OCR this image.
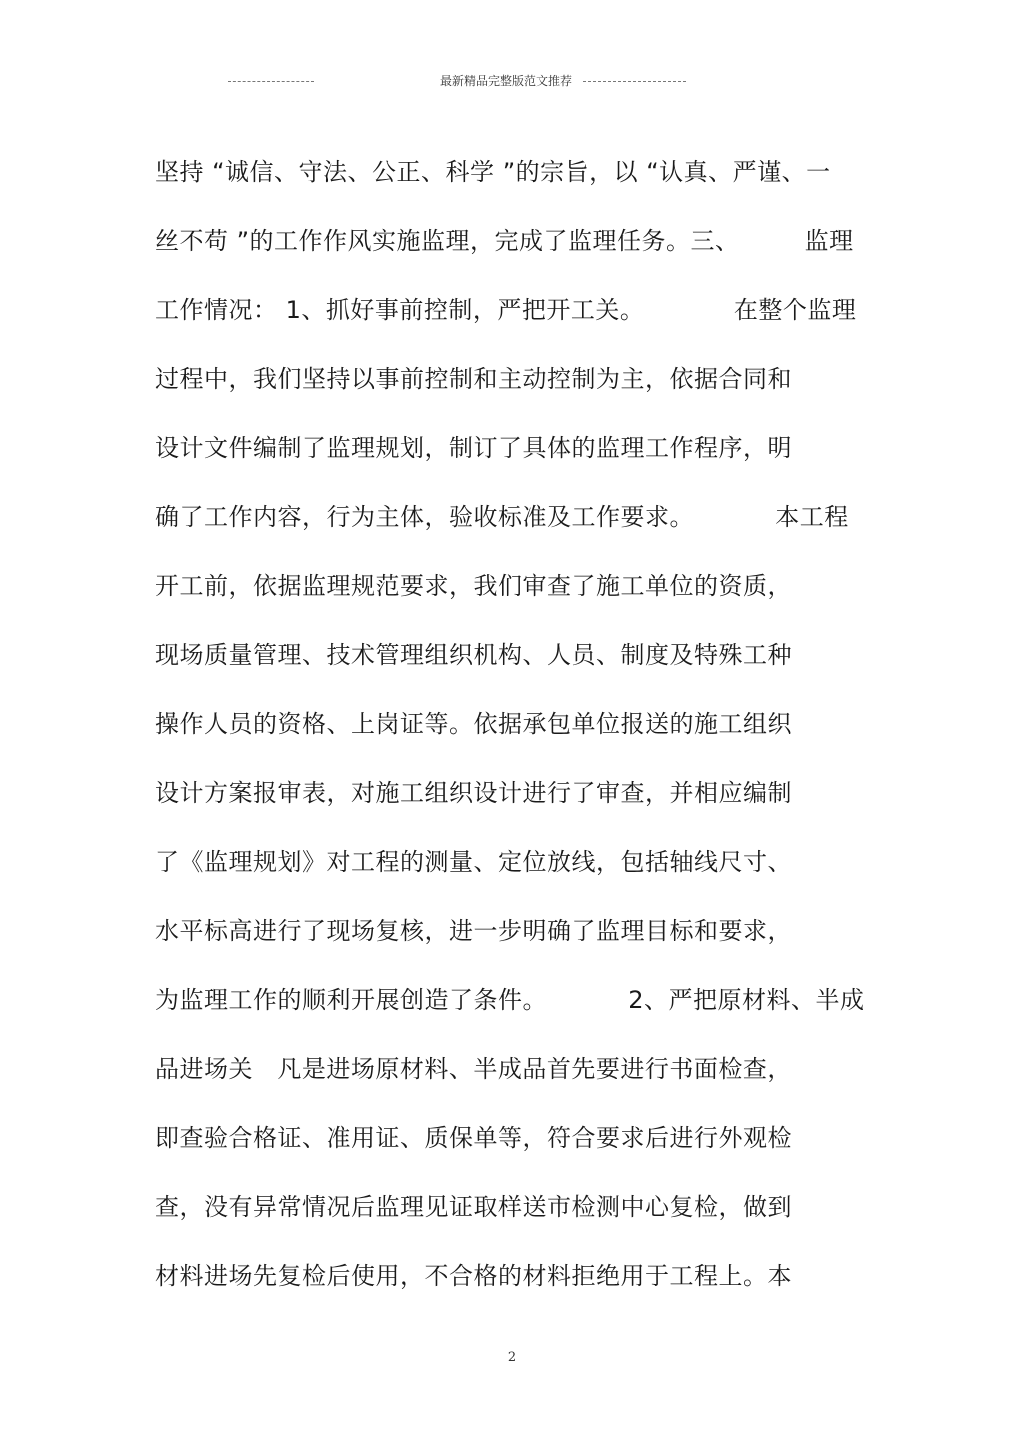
最新精品完整版范文推荐
坚持 “诚信、守法、公正、科学 ”的宗旨，以 “认真、严谨、一
丝不苟 ”的工作作风实施监理，完成了监理任务。三、        监理
工作情况： 1、抓好事前控制，严把开工关。           在整个监理
过程中，我们坚持以事前控制和主动控制为主，依据合同和
设计文件编制了监理规划，制订了具体的监理工作程序，明
确了工作内容，行为主体，验收标准及工作要求。          本工程
开工前，依据监理规范要求，我们审查了施工单位的资质，
现场质量管理、技术管理组织机构、人员、制度及特殊工种
操作人员的资格、上岗证等。依据承包单位报送的施工组织
设计方案报审表，对施工组织设计进行了审查，并相应编制
了《监理规划》对工程的测量、定位放线，包括轴线尺寸、
水平标高进行了现场复核，进一步明确了监理目标和要求，
为监理工作的顺利开展创造了条件。          2、严把原材料、半成
品进场关   凡是进场原材料、半成品首先要进行书面检查，
即查验合格证、准用证、质保单等，符合要求后进行外观检
查，没有异常情况后监理见证取样送市检测中心复检，做到
材料进场先复检后使用，不合格的材料拒绝用于工程上。本
2
